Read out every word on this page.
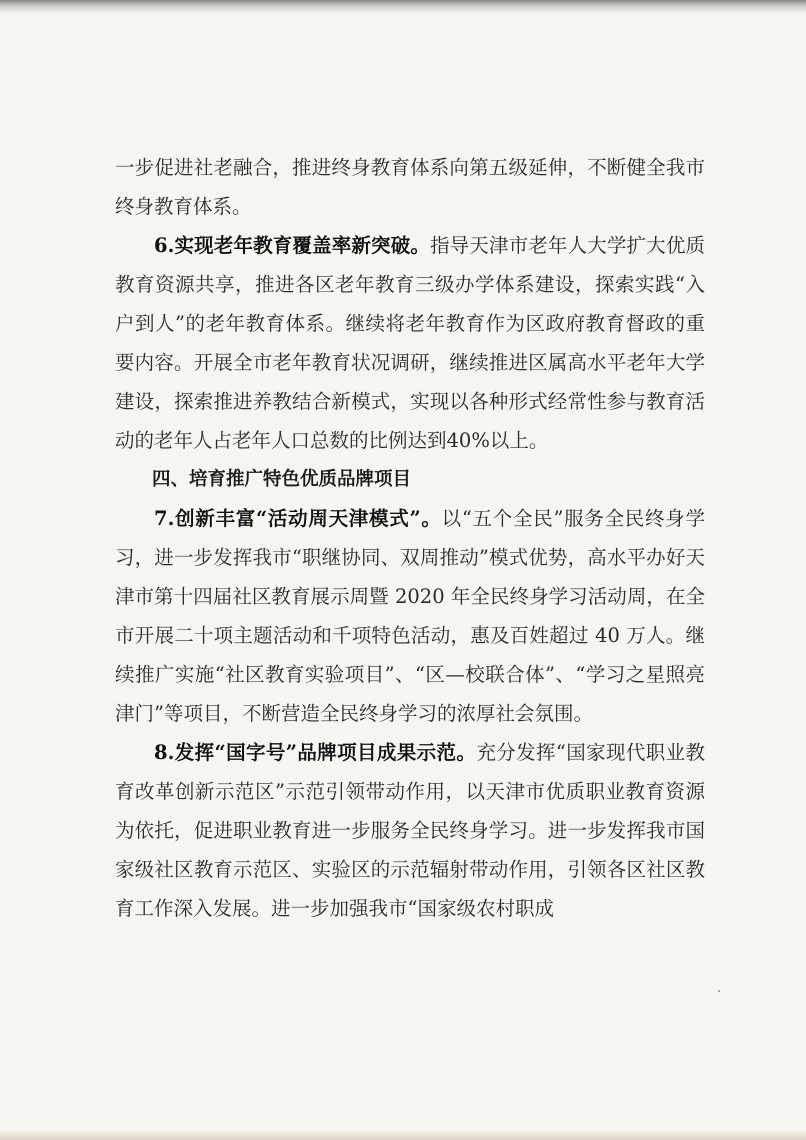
一步促进社老融合，推进终身教育体系向第五级延伸，不断健全我市终身教育体系。

6.实现老年教育覆盖率新突破。指导天津市老年人大学扩大优质教育资源共享，推进各区老年教育三级办学体系建设，探索实践“入户到人”的老年教育体系。继续将老年教育作为区政府教育督政的重要内容。开展全市老年教育状况调研，继续推进区属高水平老年大学建设，探索推进养教结合新模式，实现以各种形式经常性参与教育活动的老年人占老年人口总数的比例达到40%以上。

四、培育推广特色优质品牌项目

7.创新丰富“活动周天津模式”。以“五个全民”服务全民终身学习，进一步发挥我市“职继协同、双周推动”模式优势，高水平办好天津市第十四届社区教育展示周暨 2020 年全民终身学习活动周，在全市开展二十项主题活动和千项特色活动，惠及百姓超过 40 万人。继续推广实施“社区教育实验项目”、“区—校联合体”、“学习之星照亮津门”等项目，不断营造全民终身学习的浓厚社会氛围。

8.发挥“国字号”品牌项目成果示范。充分发挥“国家现代职业教育改革创新示范区”示范引领带动作用，以天津市优质职业教育资源为依托，促进职业教育进一步服务全民终身学习。进一步发挥我市国家级社区教育示范区、实验区的示范辐射带动作用，引领各区社区教育工作深入发展。进一步加强我市“国家级农村职成
